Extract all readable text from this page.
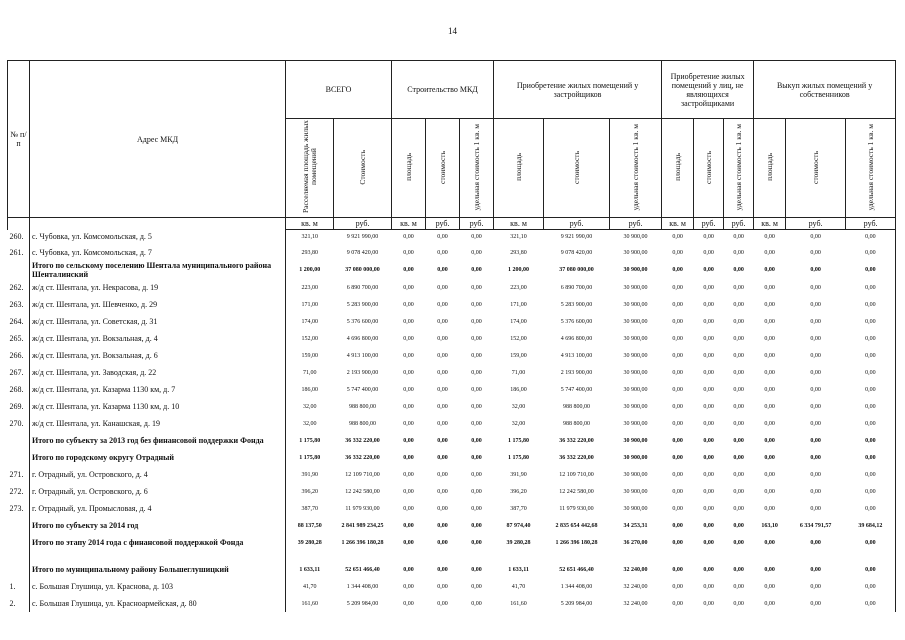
14
№ п/п	Адрес МКД	ВСЕГО		Строительство МКД			Приобретение жилых помещений у застройщиков			Приобретение жилых помещений у лиц, не являющихся застройщиками			Выкуп жилых помещений у собственников		
		Расселяемая площадь жилых помещений	Стоимость	площадь	стоимость	удельная стоимость 1 кв. м	площадь	стоимость	удельная стоимость 1 кв. м	площадь	стоимость	удельная стоимость 1 кв. м	площадь	стоимость	удельная стоимость 1 кв. м
		кв. м	руб.	кв. м	руб.	руб.	кв. м	руб.	руб.	кв. м	руб.	руб.	кв. м	руб.	руб.
260.	с. Чубовка, ул. Комсомольская, д. 5	321,10	9 921 990,00	0,00	0,00	0,00	321,10	9 921 990,00	30 900,00	0,00	0,00	0,00	0,00	0,00	0,00
261.	с. Чубовка, ул. Комсомольская, д. 7	293,80	9 078 420,00	0,00	0,00	0,00	293,80	9 078 420,00	30 900,00	0,00	0,00	0,00	0,00	0,00	0,00
	Итого по сельскому поселению Шентала муниципального района Шенталинский	1 200,00	37 080 000,00	0,00	0,00	0,00	1 200,00	37 080 000,00	30 900,00	0,00	0,00	0,00	0,00	0,00	0,00
262.	ж/д ст. Шентала, ул. Некрасова, д. 19	223,00	6 890 700,00	0,00	0,00	0,00	223,00	6 890 700,00	30 900,00	0,00	0,00	0,00	0,00	0,00	0,00
263.	ж/д ст. Шентала, ул. Шевченко, д. 29	171,00	5 283 900,00	0,00	0,00	0,00	171,00	5 283 900,00	30 900,00	0,00	0,00	0,00	0,00	0,00	0,00
264.	ж/д ст. Шентала, ул. Советская, д. 31	174,00	5 376 600,00	0,00	0,00	0,00	174,00	5 376 600,00	30 900,00	0,00	0,00	0,00	0,00	0,00	0,00
265.	ж/д ст. Шентала, ул. Вокзальная, д. 4	152,00	4 696 800,00	0,00	0,00	0,00	152,00	4 696 800,00	30 900,00	0,00	0,00	0,00	0,00	0,00	0,00
266.	ж/д ст. Шентала, ул. Вокзальная, д. 6	159,00	4 913 100,00	0,00	0,00	0,00	159,00	4 913 100,00	30 900,00	0,00	0,00	0,00	0,00	0,00	0,00
267.	ж/д ст. Шентала, ул. Заводская, д. 22	71,00	2 193 900,00	0,00	0,00	0,00	71,00	2 193 900,00	30 900,00	0,00	0,00	0,00	0,00	0,00	0,00
268.	ж/д ст. Шентала, ул. Казарма 1130 км, д. 7	186,00	5 747 400,00	0,00	0,00	0,00	186,00	5 747 400,00	30 900,00	0,00	0,00	0,00	0,00	0,00	0,00
269.	ж/д ст. Шентала, ул. Казарма 1130 км, д. 10	32,00	988 800,00	0,00	0,00	0,00	32,00	988 800,00	30 900,00	0,00	0,00	0,00	0,00	0,00	0,00
270.	ж/д ст. Шентала, ул. Канашская, д. 19	32,00	988 800,00	0,00	0,00	0,00	32,00	988 800,00	30 900,00	0,00	0,00	0,00	0,00	0,00	0,00
	Итого по субъекту за 2013 год без финансовой поддержки Фонда	1 175,80	36 332 220,00	0,00	0,00	0,00	1 175,80	36 332 220,00	30 900,00	0,00	0,00	0,00	0,00	0,00	0,00
	Итого по городскому округу Отрадный	1 175,80	36 332 220,00	0,00	0,00	0,00	1 175,80	36 332 220,00	30 900,00	0,00	0,00	0,00	0,00	0,00	0,00
271.	г. Отрадный, ул. Островского, д. 4	391,90	12 109 710,00	0,00	0,00	0,00	391,90	12 109 710,00	30 900,00	0,00	0,00	0,00	0,00	0,00	0,00
272.	г. Отрадный, ул. Островского, д. 6	396,20	12 242 580,00	0,00	0,00	0,00	396,20	12 242 580,00	30 900,00	0,00	0,00	0,00	0,00	0,00	0,00
273.	г. Отрадный, ул. Промысловая, д. 4	387,70	11 979 930,00	0,00	0,00	0,00	387,70	11 979 930,00	30 900,00	0,00	0,00	0,00	0,00	0,00	0,00
	Итого по субъекту за 2014 год	88 137,50	2 841 989 234,25	0,00	0,00	0,00	87 974,40	2 835 654 442,68	34 253,31	0,00	0,00	0,00	163,10	6 334 791,57	39 684,12
	Итого по этапу 2014 года с финансовой поддержкой Фонда	39 280,28	1 266 396 180,28	0,00	0,00	0,00	39 280,28	1 266 396 180,28	36 270,00	0,00	0,00	0,00	0,00	0,00	0,00

	Итого по муниципальному району Большеглушицкий	1 633,11	52 651 466,40	0,00	0,00	0,00	1 633,11	52 651 466,40	32 240,00	0,00	0,00	0,00	0,00	0,00	0,00
1.	с. Большая Глушица, ул. Краснова, д. 103	41,70	1 344 408,00	0,00	0,00	0,00	41,70	1 344 408,00	32 240,00	0,00	0,00	0,00	0,00	0,00	0,00
2.	с. Большая Глушица, ул. Красноармейская, д. 80	161,60	5 209 984,00	0,00	0,00	0,00	161,60	5 209 984,00	32 240,00	0,00	0,00	0,00	0,00	0,00	0,00
